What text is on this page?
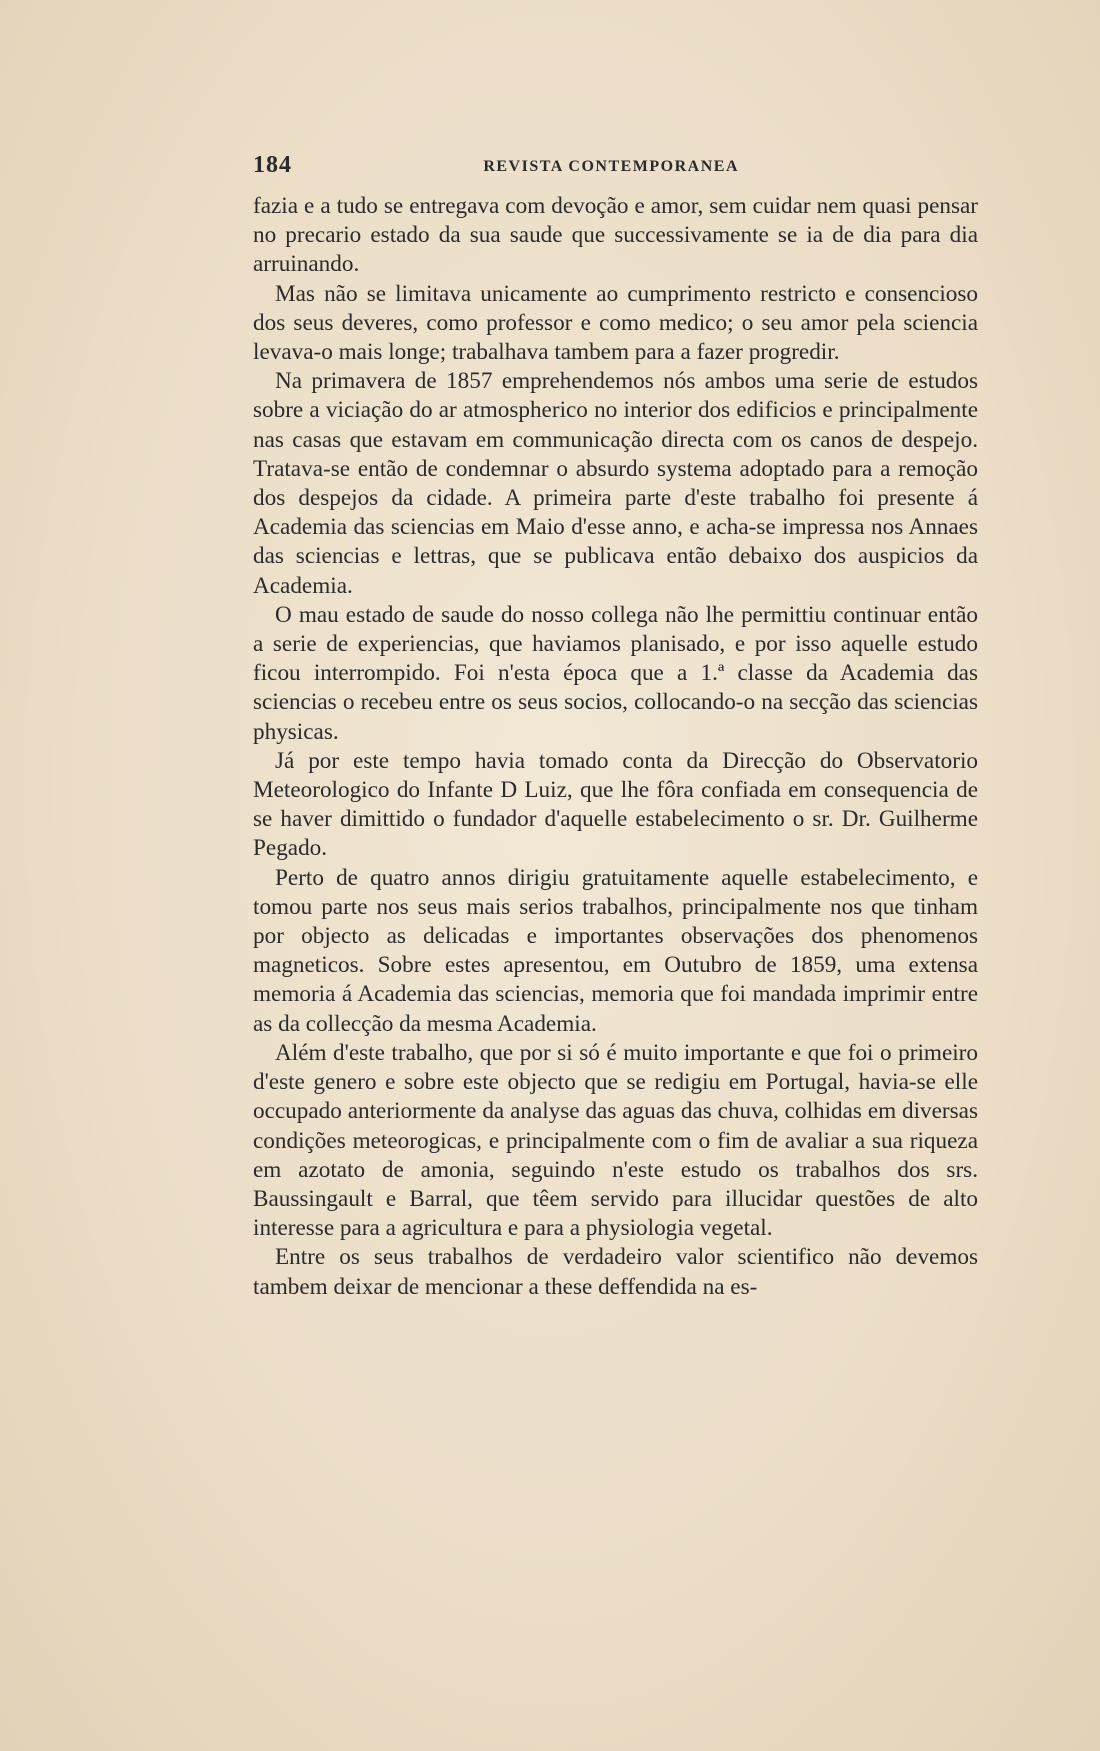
184	REVISTA CONTEMPORANEA

fazia e a tudo se entregava com devoção e amor, sem cuidar nem quasi pensar no precario estado da sua saude que successivamente se ia de dia para dia arruinando.

Mas não se limitava unicamente ao cumprimento restricto e consencioso dos seus deveres, como professor e como medico; o seu amor pela sciencia levava-o mais longe; trabalhava tambem para a fazer progredir.

Na primavera de 1857 emprehendemos nós ambos uma serie de estudos sobre a viciação do ar atmospherico no interior dos edificios e principalmente nas casas que estavam em communicação directa com os canos de despejo. Tratava-se então de condemnar o absurdo systema adoptado para a remoção dos despejos da cidade. A primeira parte d'este trabalho foi presente á Academia das sciencias em Maio d'esse anno, e acha-se impressa nos Annaes das sciencias e lettras, que se publicava então debaixo dos auspicios da Academia.

O mau estado de saude do nosso collega não lhe permittiu continuar então a serie de experiencias, que haviamos planisado, e por isso aquelle estudo ficou interrompido. Foi n'esta época que a 1.ª classe da Academia das sciencias o recebeu entre os seus socios, collocando-o na secção das sciencias physicas.

Já por este tempo havia tomado conta da Direcção do Observatorio Meteorologico do Infante D Luiz, que lhe fôra confiada em consequencia de se haver dimittido o fundador d'aquelle estabelecimento o sr. Dr. Guilherme Pegado.

Perto de quatro annos dirigiu gratuitamente aquelle estabelecimento, e tomou parte nos seus mais serios trabalhos, principalmente nos que tinham por objecto as delicadas e importantes observações dos phenomenos magneticos. Sobre estes apresentou, em Outubro de 1859, uma extensa memoria á Academia das sciencias, memoria que foi mandada imprimir entre as da collecção da mesma Academia.

Além d'este trabalho, que por si só é muito importante e que foi o primeiro d'este genero e sobre este objecto que se redigiu em Portugal, havia-se elle occupado anteriormente da analyse das aguas das chuva, colhidas em diversas condições meteorogicas, e principalmente com o fim de avaliar a sua riqueza em azotato de amonia, seguindo n'este estudo os trabalhos dos srs. Baussingault e Barral, que têem servido para illucidar questões de alto interesse para a agricultura e para a physiologia vegetal.

Entre os seus trabalhos de verdadeiro valor scientifico não devemos tambem deixar de mencionar a these deffendida na es-
